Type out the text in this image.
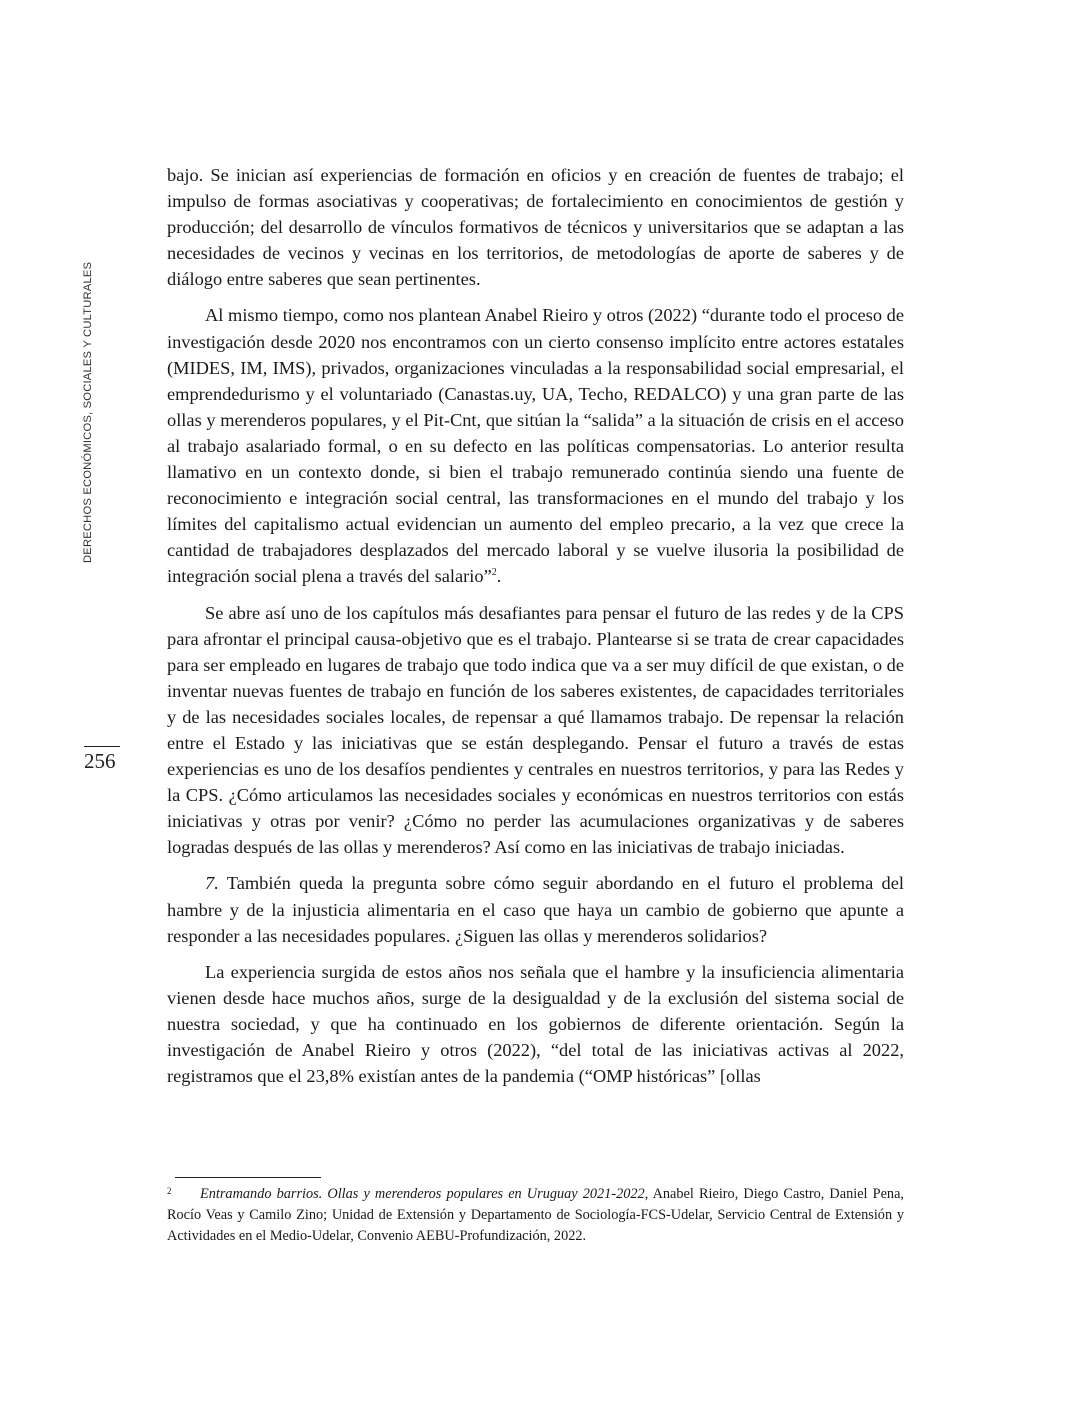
DERECHOS ECONÓMICOS, SOCIALES Y CULTURALES
256

bajo. Se inician así experiencias de formación en oficios y en creación de fuentes de trabajo; el impulso de formas asociativas y cooperativas; de fortalecimiento en conocimientos de gestión y producción; del desarrollo de vínculos formativos de técnicos y universitarios que se adaptan a las necesidades de vecinos y vecinas en los territorios, de metodologías de aporte de saberes y de diálogo entre saberes que sean pertinentes.

Al mismo tiempo, como nos plantean Anabel Rieiro y otros (2022) “durante todo el proceso de investigación desde 2020 nos encontramos con un cierto consenso implícito entre actores estatales (MIDES, IM, IMS), privados, organizaciones vinculadas a la responsabilidad social empresarial, el emprendedurismo y el voluntariado (Canastas.uy, UA, Techo, REDALCO) y una gran parte de las ollas y merenderos populares, y el Pit-Cnt, que sitúan la “salida” a la situación de crisis en el acceso al trabajo asalariado formal, o en su defecto en las políticas compensatorias. Lo anterior resulta llamativo en un contexto donde, si bien el trabajo remunerado continúa siendo una fuente de reconocimiento e integración social central, las transformaciones en el mundo del trabajo y los límites del capitalismo actual evidencian un aumento del empleo precario, a la vez que crece la cantidad de trabajadores desplazados del mercado laboral y se vuelve ilusoria la posibilidad de integración social plena a través del salario”$^2$.

Se abre así uno de los capítulos más desafiantes para pensar el futuro de las redes y de la CPS para afrontar el principal causa-objetivo que es el trabajo. Plantearse si se trata de crear capacidades para ser empleado en lugares de trabajo que todo indica que va a ser muy difícil de que existan, o de inventar nuevas fuentes de trabajo en función de los saberes existentes, de capacidades territoriales y de las necesidades sociales locales, de repensar a qué llamamos trabajo. De repensar la relación entre el Estado y las iniciativas que se están desplegando. Pensar el futuro a través de estas experiencias es uno de los desafíos pendientes y centrales en nuestros territorios, y para las Redes y la CPS. ¿Cómo articulamos las necesidades sociales y económicas en nuestros territorios con estás iniciativas y otras por venir? ¿Cómo no perder las acumulaciones organizativas y de saberes logradas después de las ollas y merenderos? Así como en las iniciativas de trabajo iniciadas.

7. También queda la pregunta sobre cómo seguir abordando en el futuro el problema del hambre y de la injusticia alimentaria en el caso que haya un cambio de gobierno que apunte a responder a las necesidades populares. ¿Siguen las ollas y merenderos solidarios?

La experiencia surgida de estos años nos señala que el hambre y la insuficiencia alimentaria vienen desde hace muchos años, surge de la desigualdad y de la exclusión del sistema social de nuestra sociedad, y que ha continuado en los gobiernos de diferente orientación. Según la investigación de Anabel Rieiro y otros (2022), “del total de las iniciativas activas al 2022, registramos que el 23,8% existían antes de la pandemia (“OMP históricas” [ollas

2 Entramando barrios. Ollas y merenderos populares en Uruguay 2021-2022, Anabel Rieiro, Diego Castro, Daniel Pena, Rocío Veas y Camilo Zino; Unidad de Extensión y Departamento de Sociología-FCS-Udelar, Servicio Central de Extensión y Actividades en el Medio-Udelar, Convenio AEBU-Profundización, 2022.
